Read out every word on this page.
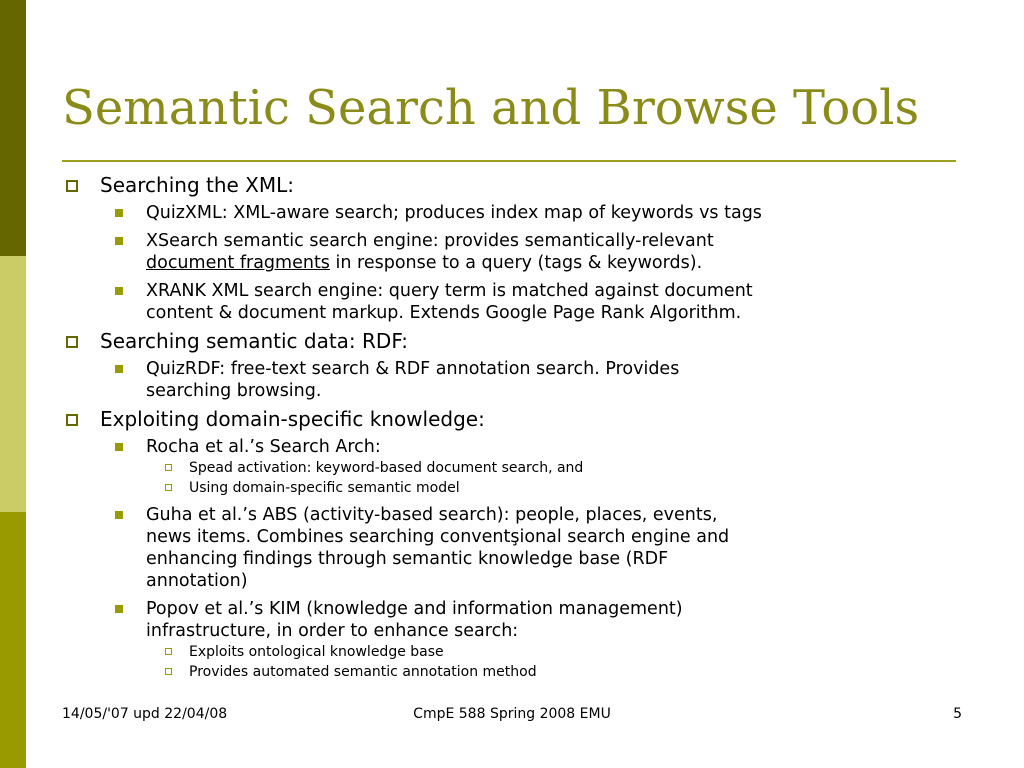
Semantic Search and Browse Tools
Searching the XML:
QuizXML: XML-aware search; produces index map of keywords vs tags
XSearch semantic search engine: provides semantically-relevant
document fragments in response to a query (tags & keywords).
XRANK XML search engine: query term is matched against document
content & document markup. Extends Google Page Rank Algorithm.
Searching semantic data: RDF:
QuizRDF: free-text search & RDF annotation search. Provides
searching browsing.
Exploiting domain-specific knowledge:
Rocha et al.’s Search Arch:
Spead activation: keyword-based document search, and
Using domain-specific semantic model
Guha et al.’s ABS (activity-based search): people, places, events,
news items. Combines searching conventşional search engine and
enhancing findings through semantic knowledge base (RDF
annotation)
Popov et al.’s KIM (knowledge and information management)
infrastructure, in order to enhance search:
Exploits ontological knowledge base
Provides automated semantic annotation method
14/05/'07 upd 22/04/08	CmpE 588 Spring 2008 EMU	5
